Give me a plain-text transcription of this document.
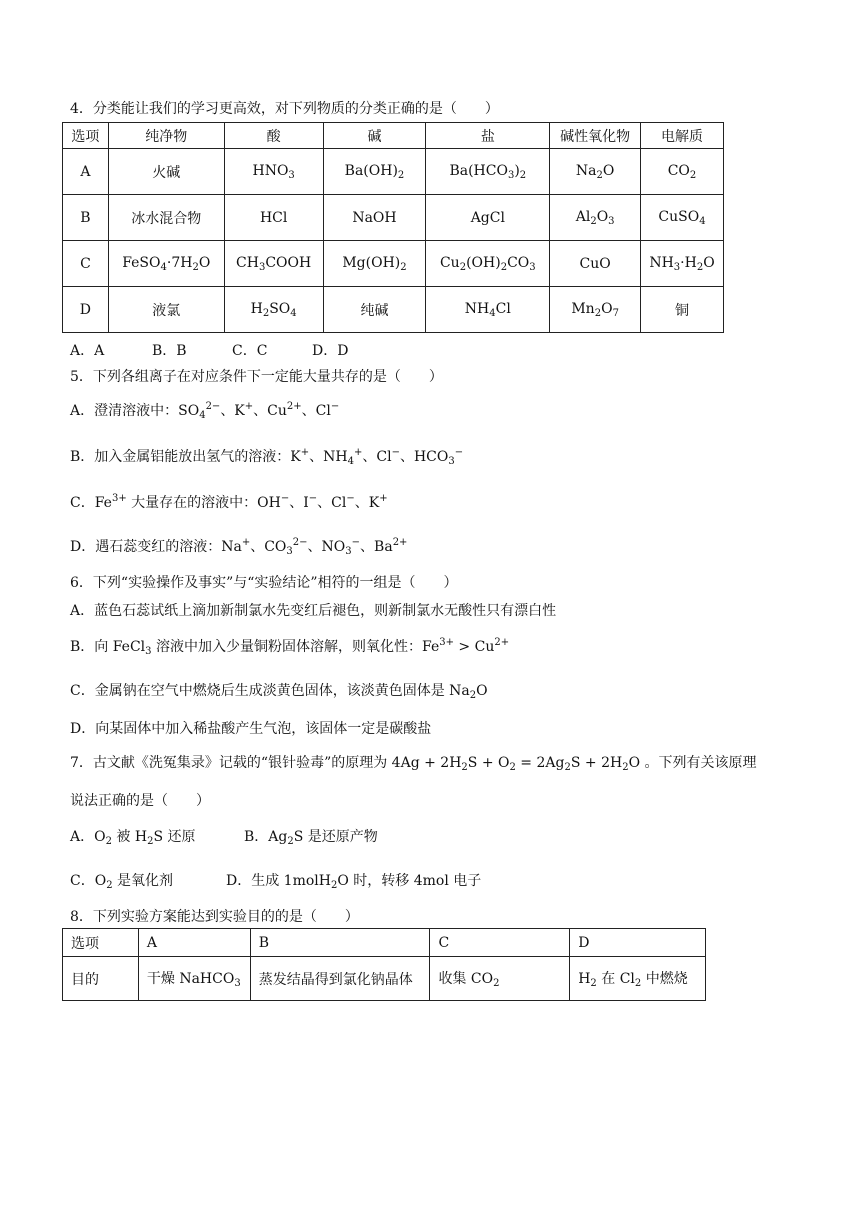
4．分类能让我们的学习更高效，对下列物质的分类正确的是（　　）
选项	纯净物	酸	碱	盐	碱性氧化物	电解质
A	火碱	$HNO_3$	$Ba(OH)_2$	$Ba(HCO_3)_2$	$Na_2O$	$CO_2$
B	冰水混合物	HCl	NaOH	AgCl	$Al_2O_3$	CuSO$_4$
C	$FeSO_4\cdot 7H_2O$	$CH_3COOH$	$Mg(OH)_2$	$Cu_2(OH)_2CO_3$	CuO	$NH_3\cdot H_2O$
D	液氯	$H_2SO_4$	纯碱	$NH_4Cl$	$Mn_2O_7$	铜
A．A	B．B	C．C	D．D
5．下列各组离子在对应条件下一定能大量共存的是（　　）
A．澄清溶液中：$SO_4^{2-}$、K+、$Cu^{2+}$、Cl−
B．加入金属铝能放出氢气的溶液：K+、$NH_4^+$、Cl−、$HCO_3^-$
C．$Fe^{3+}$ 大量存在的溶液中：OH−、I−、Cl−、K+
D．遇石蕊变红的溶液：Na+、$CO_3^{2-}$、$NO_3^-$、$Ba^{2+}$
6．下列“实验操作及事实”与“实验结论”相符的一组是（　　）
A．蓝色石蕊试纸上滴加新制氯水先变红后褪色，则新制氯水无酸性只有漂白性
B．向 FeCl$_3$ 溶液中加入少量铜粉固体溶解，则氧化性：$Fe^{3+} > Cu^{2+}$
C．金属钠在空气中燃烧后生成淡黄色固体，该淡黄色固体是 $Na_2O$
D．向某固体中加入稀盐酸产生气泡，该固体一定是碳酸盐
7．古文献《洗冤集录》记载的“银针验毒”的原理为 $4Ag + 2H_2S + O_2 = 2Ag_2S + 2H_2O$ 。下列有关该原理
说法正确的是（　　）
A．$O_2$ 被 $H_2S$ 还原	B．$Ag_2S$ 是还原产物
C．$O_2$ 是氧化剂	D．生成 1molH$_2$O 时，转移 4mol 电子
8．下列实验方案能达到实验目的的是（　　）
选项	A	B	C	D
目的	干燥 NaHCO$_3$	蒸发结晶得到氯化钠晶体	收集 $CO_2$	$H_2$ 在 $Cl_2$ 中燃烧
